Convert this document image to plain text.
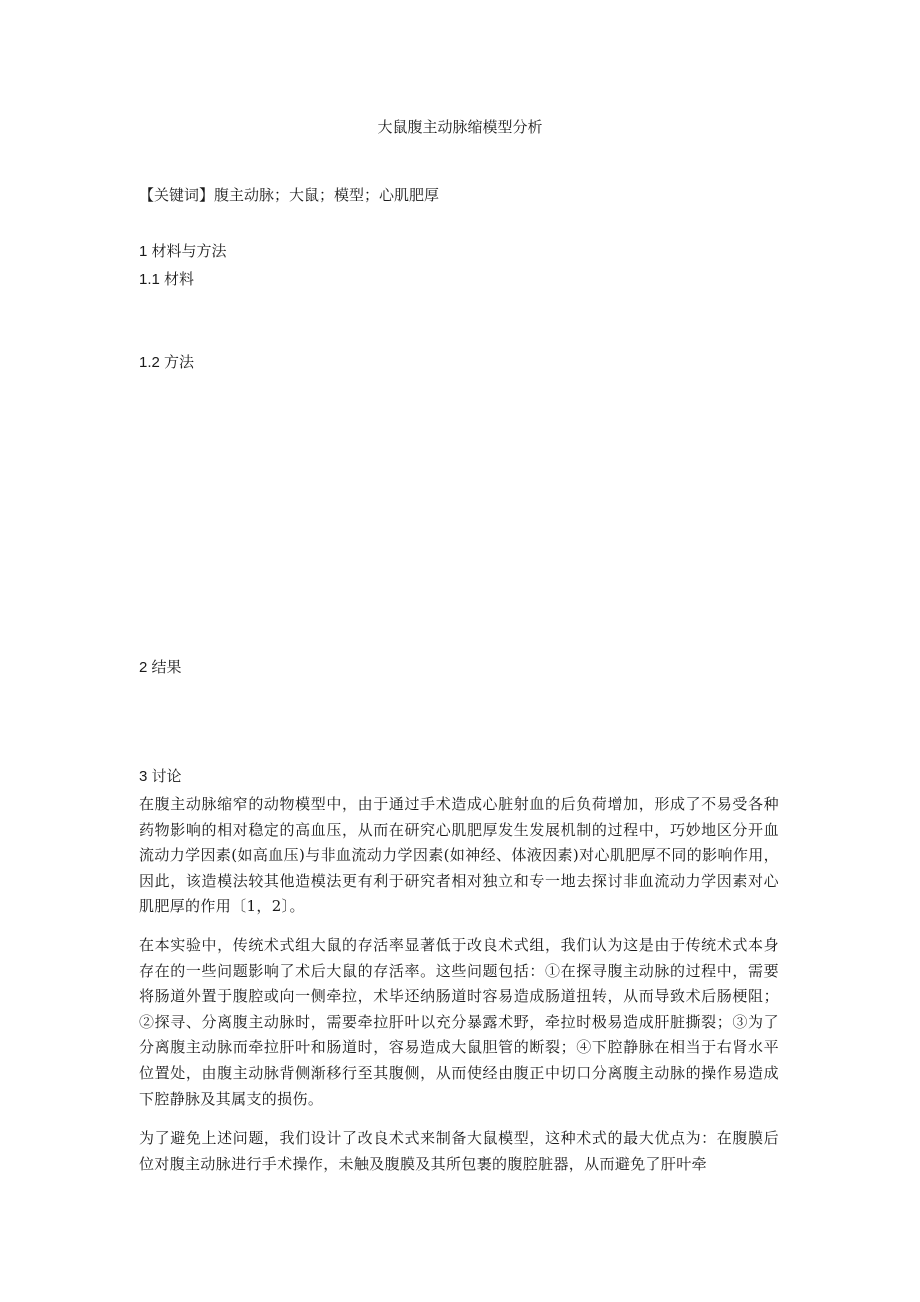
大鼠腹主动脉缩模型分析
【关键词】腹主动脉；大鼠；模型；心肌肥厚
1 材料与方法
1.1 材料
1.2 方法
2 结果
3 讨论

在腹主动脉缩窄的动物模型中，由于通过手术造成心脏射血的后负荷增加，形成了不易受各种药物影响的相对稳定的高血压，从而在研究心肌肥厚发生发展机制的过程中，巧妙地区分开血流动力学因素(如高血压)与非血流动力学因素(如神经、体液因素)对心肌肥厚不同的影响作用，因此，该造模法较其他造模法更有利于研究者相对独立和专一地去探讨非血流动力学因素对心肌肥厚的作用〔1，2〕。

在本实验中，传统术式组大鼠的存活率显著低于改良术式组，我们认为这是由于传统术式本身存在的一些问题影响了术后大鼠的存活率。这些问题包括：①在探寻腹主动脉的过程中，需要将肠道外置于腹腔或向一侧牵拉，术毕还纳肠道时容易造成肠道扭转，从而导致术后肠梗阻；②探寻、分离腹主动脉时，需要牵拉肝叶以充分暴露术野，牵拉时极易造成肝脏撕裂；③为了分离腹主动脉而牵拉肝叶和肠道时，容易造成大鼠胆管的断裂；④下腔静脉在相当于右肾水平位置处，由腹主动脉背侧渐移行至其腹侧，从而使经由腹正中切口分离腹主动脉的操作易造成下腔静脉及其属支的损伤。

为了避免上述问题，我们设计了改良术式来制备大鼠模型，这种术式的最大优点为：在腹膜后位对腹主动脉进行手术操作，未触及腹膜及其所包裹的腹腔脏器，从而避免了肝叶牵
